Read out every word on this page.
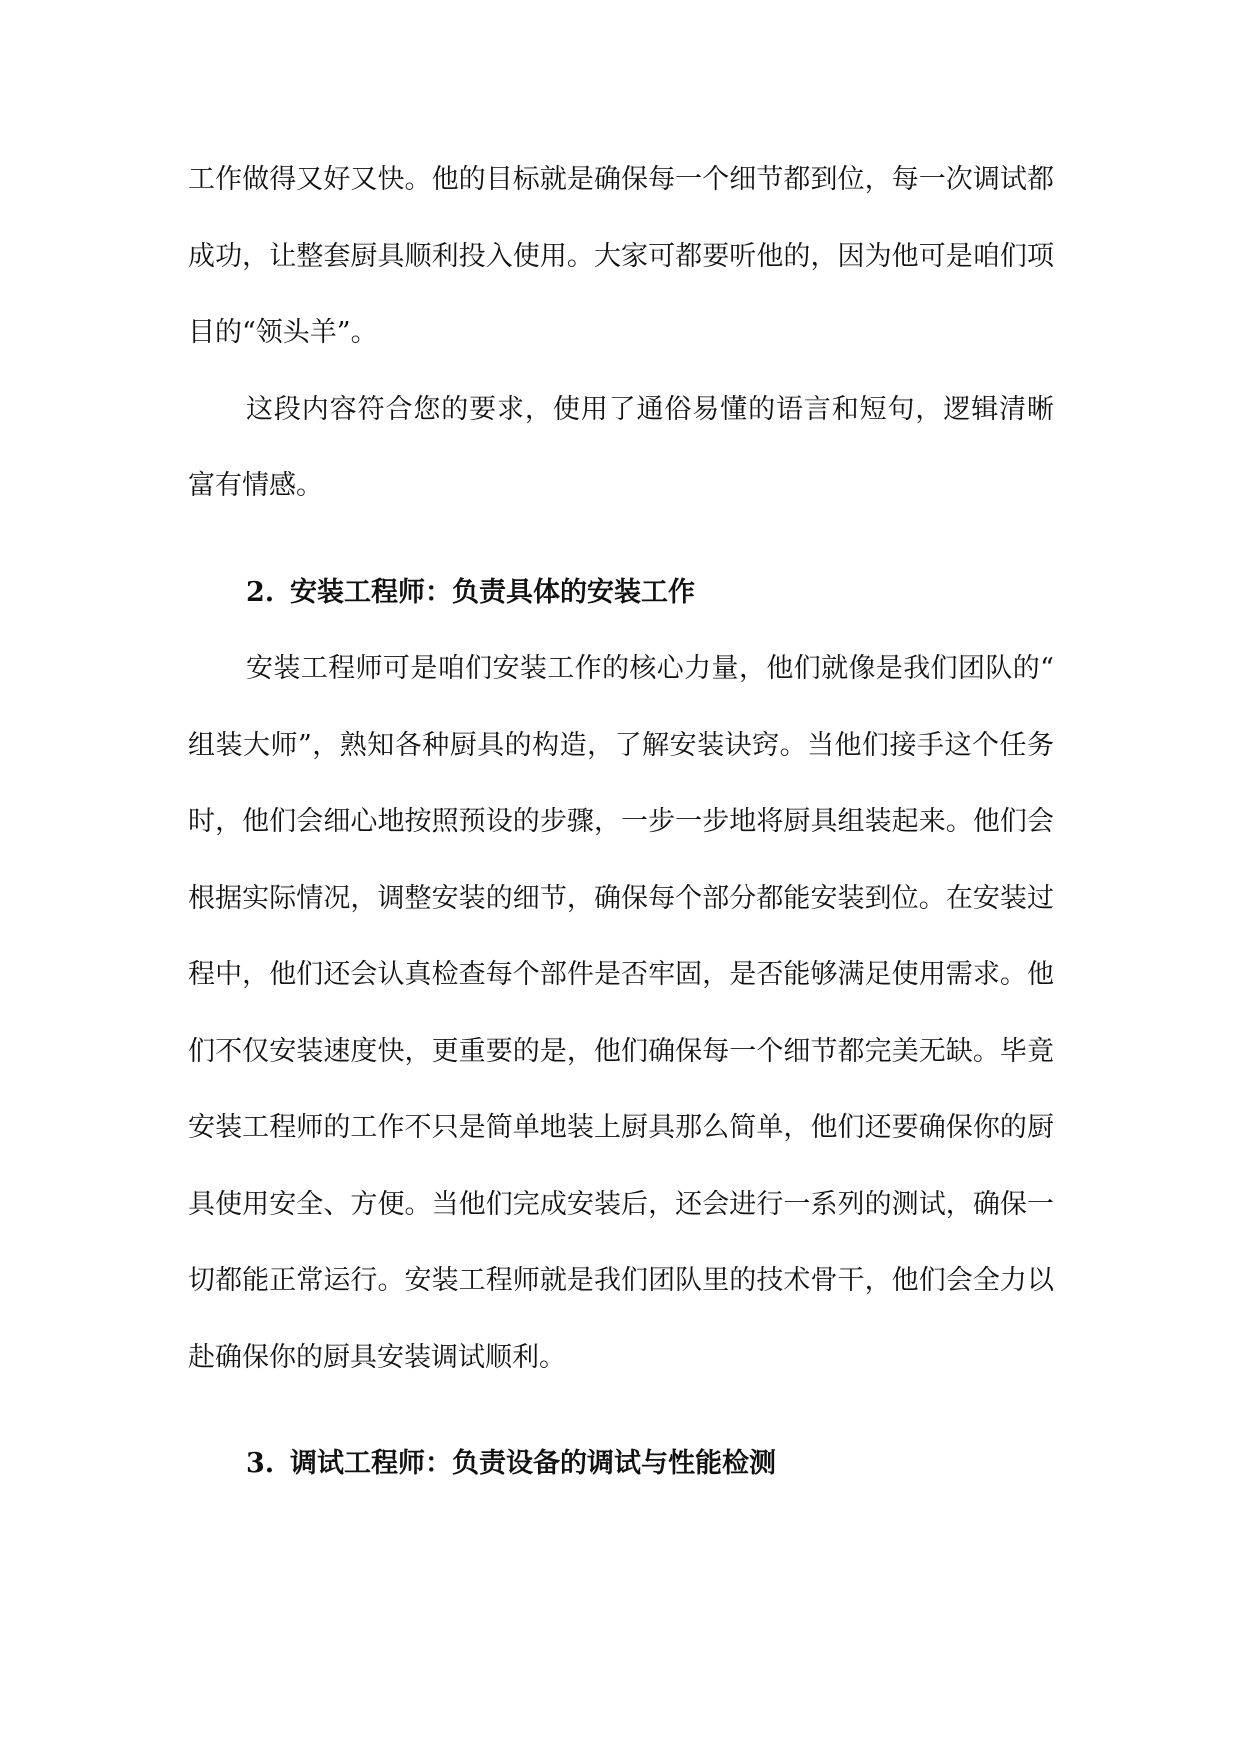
工作做得又好又快。他的目标就是确保每一个细节都到位，每一次调试都成功，让整套厨具顺利投入使用。大家可都要听他的，因为他可是咱们项目的“领头羊”。

这段内容符合您的要求，使用了通俗易懂的语言和短句，逻辑清晰富有情感。

2. 安装工程师：负责具体的安装工作

安装工程师可是咱们安装工作的核心力量，他们就像是我们团队的“组装大师”，熟知各种厨具的构造，了解安装诀窍。当他们接手这个任务时，他们会细心地按照预设的步骤，一步一步地将厨具组装起来。他们会根据实际情况，调整安装的细节，确保每个部分都能安装到位。在安装过程中，他们还会认真检查每个部件是否牢固，是否能够满足使用需求。他们不仅安装速度快，更重要的是，他们确保每一个细节都完美无缺。毕竟安装工程师的工作不只是简单地装上厨具那么简单，他们还要确保你的厨具使用安全、方便。当他们完成安装后，还会进行一系列的测试，确保一切都能正常运行。安装工程师就是我们团队里的技术骨干，他们会全力以赴确保你的厨具安装调试顺利。

3. 调试工程师：负责设备的调试与性能检测
